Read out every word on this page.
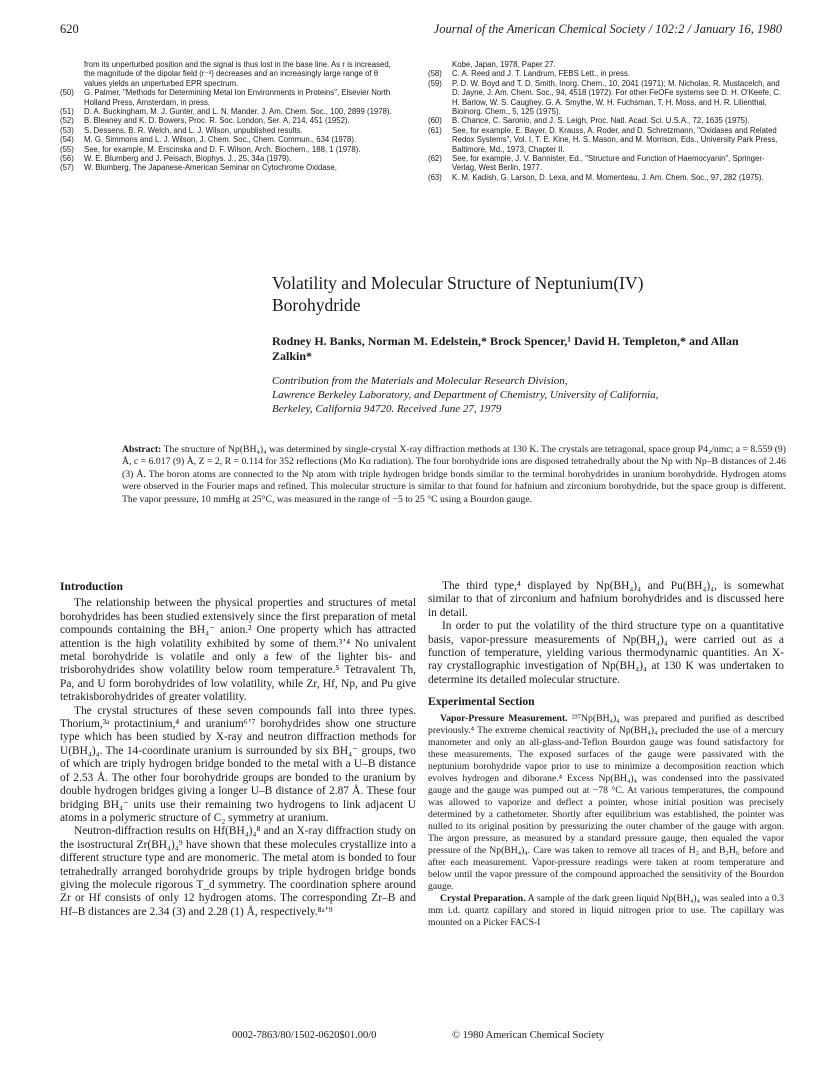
620	Journal of the American Chemical Society / 102:2 / January 16, 1980
from its unperturbed position and the signal is thus lost in the base line. As r is increased, the magnitude of the dipolar field (r⁻³) decreases and an increasingly large range of θ values yields an unperturbed EPR spectrum.
(50) G. Palmer, "Methods for Determining Metal Ion Environments in Proteins", Elsevier North Holland Press, Amsterdam, in press.
(51) D. A. Buckingham, M. J. Gunter, and L. N. Mander, J. Am. Chem. Soc., 100, 2899 (1978).
(52) B. Bleaney and K. D. Bowers, Proc. R. Soc. London, Ser. A, 214, 451 (1952).
(53) S. Dessens, B. R. Welch, and L. J. Wilson, unpublished results.
(54) M. G. Simmons and L. J. Wilson, J. Chem. Soc., Chem. Commun., 634 (1978).
(55) See, for example, M. Erscinska and D. F. Wilson, Arch. Biochem., 188, 1 (1978).
(56) W. E. Blumberg and J. Peisach, Biophys. J., 25, 34a (1979).
(57) W. Blumberg, The Japanese-American Seminar on Cytochrome Oxidase,
Kobe, Japan, 1978, Paper 27.
(58) C. A. Reed and J. T. Landrum, FEBS Lett., in press.
(59) P. D. W. Boyd and T. D. Smith, Inorg. Chem., 10, 2041 (1971); M. Nicholas, R. Mustacelch, and D. Jayne, J. Am. Chem. Soc., 94, 4518 (1972). For other FeOFe systems see D. H. O'Keefe, C. H. Barlow, W. S. Caughey, G. A. Smythe, W. H. Fuchsman, T. H. Moss, and H. R. Lilienthal, Bioinorg. Chem., 5, 125 (1975).
(60) B. Chance, C. Saronio, and J. S. Leigh, Proc. Natl. Acad. Sci. U.S.A., 72, 1635 (1975).
(61) See, for example, E. Bayer, D. Krauss, A. Roder, and D. Schretzmann, "Oxidases and Related Redox Systems", Vol. I, T. E. Kine, H. S. Mason, and M. Morrison, Eds., University Park Press, Baltimore, Md., 1973, Chapter II.
(62) See, for example, J. V. Bannister, Ed., "Structure and Function of Haemocyanin", Springer-Verlag, West Berlin, 1977.
(63) K. M. Kadish, G. Larson, D. Lexa, and M. Momenteau, J. Am. Chem. Soc., 97, 282 (1975).
Volatility and Molecular Structure of Neptunium(IV)
Borohydride
Rodney H. Banks, Norman M. Edelstein,* Brock Spencer,¹ David H. Templeton,* and Allan Zalkin*
Contribution from the Materials and Molecular Research Division,
Lawrence Berkeley Laboratory, and Department of Chemistry, University of California,
Berkeley, California 94720. Received June 27, 1979
Abstract: The structure of Np(BH₄)₄ was determined by single-crystal X-ray diffraction methods at 130 K. The crystals are tetragonal, space group P4₂/nmc; a = 8.559 (9) Å, c = 6.017 (9) Å, Z = 2, R = 0.114 for 352 reflections (Mo Kα radiation). The four borohydride ions are disposed tetrahedrally about the Np with Np–B distances of 2.46 (3) Å. The boron atoms are connected to the Np atom with triple hydrogen bridge bonds similar to the terminal borohydrides in uranium borohydride. Hydrogen atoms were observed in the Fourier maps and refined. This molecular structure is similar to that found for hafnium and zirconium borohydride, but the space group is different. The vapor pressure, 10 mmHg at 25°C, was measured in the range of −5 to 25 °C using a Bourdon gauge.
Introduction

The relationship between the physical properties and structures of metal borohydrides has been studied extensively since the first preparation of metal compounds containing the BH₄⁻ anion.² One property which has attracted attention is the high volatility exhibited by some of them.³ʼ⁴ No univalent metal borohydride is volatile and only a few of the lighter bis- and trisborohydrides show volatility below room temperature.⁵ Tetravalent Th, Pa, and U form borohydrides of low volatility, while Zr, Hf, Np, and Pu give tetrakisborohydrides of greater volatility.

The crystal structures of these seven compounds fall into three types. Thorium,³ᵃ protactinium,⁴ and uranium⁶ʼ⁷ borohydrides show one structure type which has been studied by X-ray and neutron diffraction methods for U(BH₄)₄. The 14-coordinate uranium is surrounded by six BH₄⁻ groups, two of which are triply hydrogen bridge bonded to the metal with a U–B distance of 2.53 Å. The other four borohydride groups are bonded to the uranium by double hydrogen bridges giving a longer U–B distance of 2.87 Å. These four bridging BH₄⁻ units use their remaining two hydrogens to link adjacent U atoms in a polymeric structure of C₂ symmetry at uranium.

Neutron-diffraction results on Hf(BH₄)₄⁸ and an X-ray diffraction study on the isostructural Zr(BH₄)₄⁹ have shown that these molecules crystallize into a different structure type and are monomeric. The metal atom is bonded to four tetrahedrally arranged borohydride groups by triple hydrogen bridge bonds giving the molecule rigorous T_d symmetry. The coordination sphere around Zr or Hf consists of only 12 hydrogen atoms. The corresponding Zr–B and Hf–B distances are 2.34 (3) and 2.28 (1) Å, respectively.⁸ᵃʼ⁹

The third type,⁴ displayed by Np(BH₄)₄ and Pu(BH₄)₄, is somewhat similar to that of zirconium and hafnium borohydrides and is discussed here in detail.

In order to put the volatility of the third structure type on a quantitative basis, vapor-pressure measurements of Np(BH₄)₄ were carried out as a function of temperature, yielding various thermodynamic quantities. An X-ray crystallographic investigation of Np(BH₄)₄ at 130 K was undertaken to determine its detailed molecular structure.

Experimental Section

Vapor-Pressure Measurement. ²³⁷Np(BH₄)₄ was prepared and purified as described previously.⁴ The extreme chemical reactivity of Np(BH₄)₄ precluded the use of a mercury manometer and only an all-glass-and-Teflon Bourdon gauge was found satisfactory for these measurements. The exposed surfaces of the gauge were passivated with the neptunium borohydride vapor prior to use to minimize a decomposition reaction which evolves hydrogen and diborane.⁴ Excess Np(BH₄)₄ was condensed into the passivated gauge and the gauge was pumped out at −78 °C. At various temperatures, the compound was allowed to vaporize and deflect a pointer, whose initial position was precisely determined by a cathetometer. Shortly after equilibrium was established, the pointer was nulled to its original position by pressurizing the outer chamber of the gauge with argon. The argon pressure, as measured by a standard pressure gauge, then equaled the vapor pressure of the Np(BH₄)₄. Care was taken to remove all traces of H₂ and B₂H₆ before and after each measurement. Vapor-pressure readings were taken at room temperature and below until the vapor pressure of the compound approached the sensitivity of the Bourdon gauge.

Crystal Preparation. A sample of the dark green liquid Np(BH₄)₄ was sealed into a 0.3 mm i.d. quartz capillary and stored in liquid nitrogen prior to use. The capillary was mounted on a Picker FACS-I

0002-7863/80/1502-0620$01.00/0	© 1980 American Chemical Society
